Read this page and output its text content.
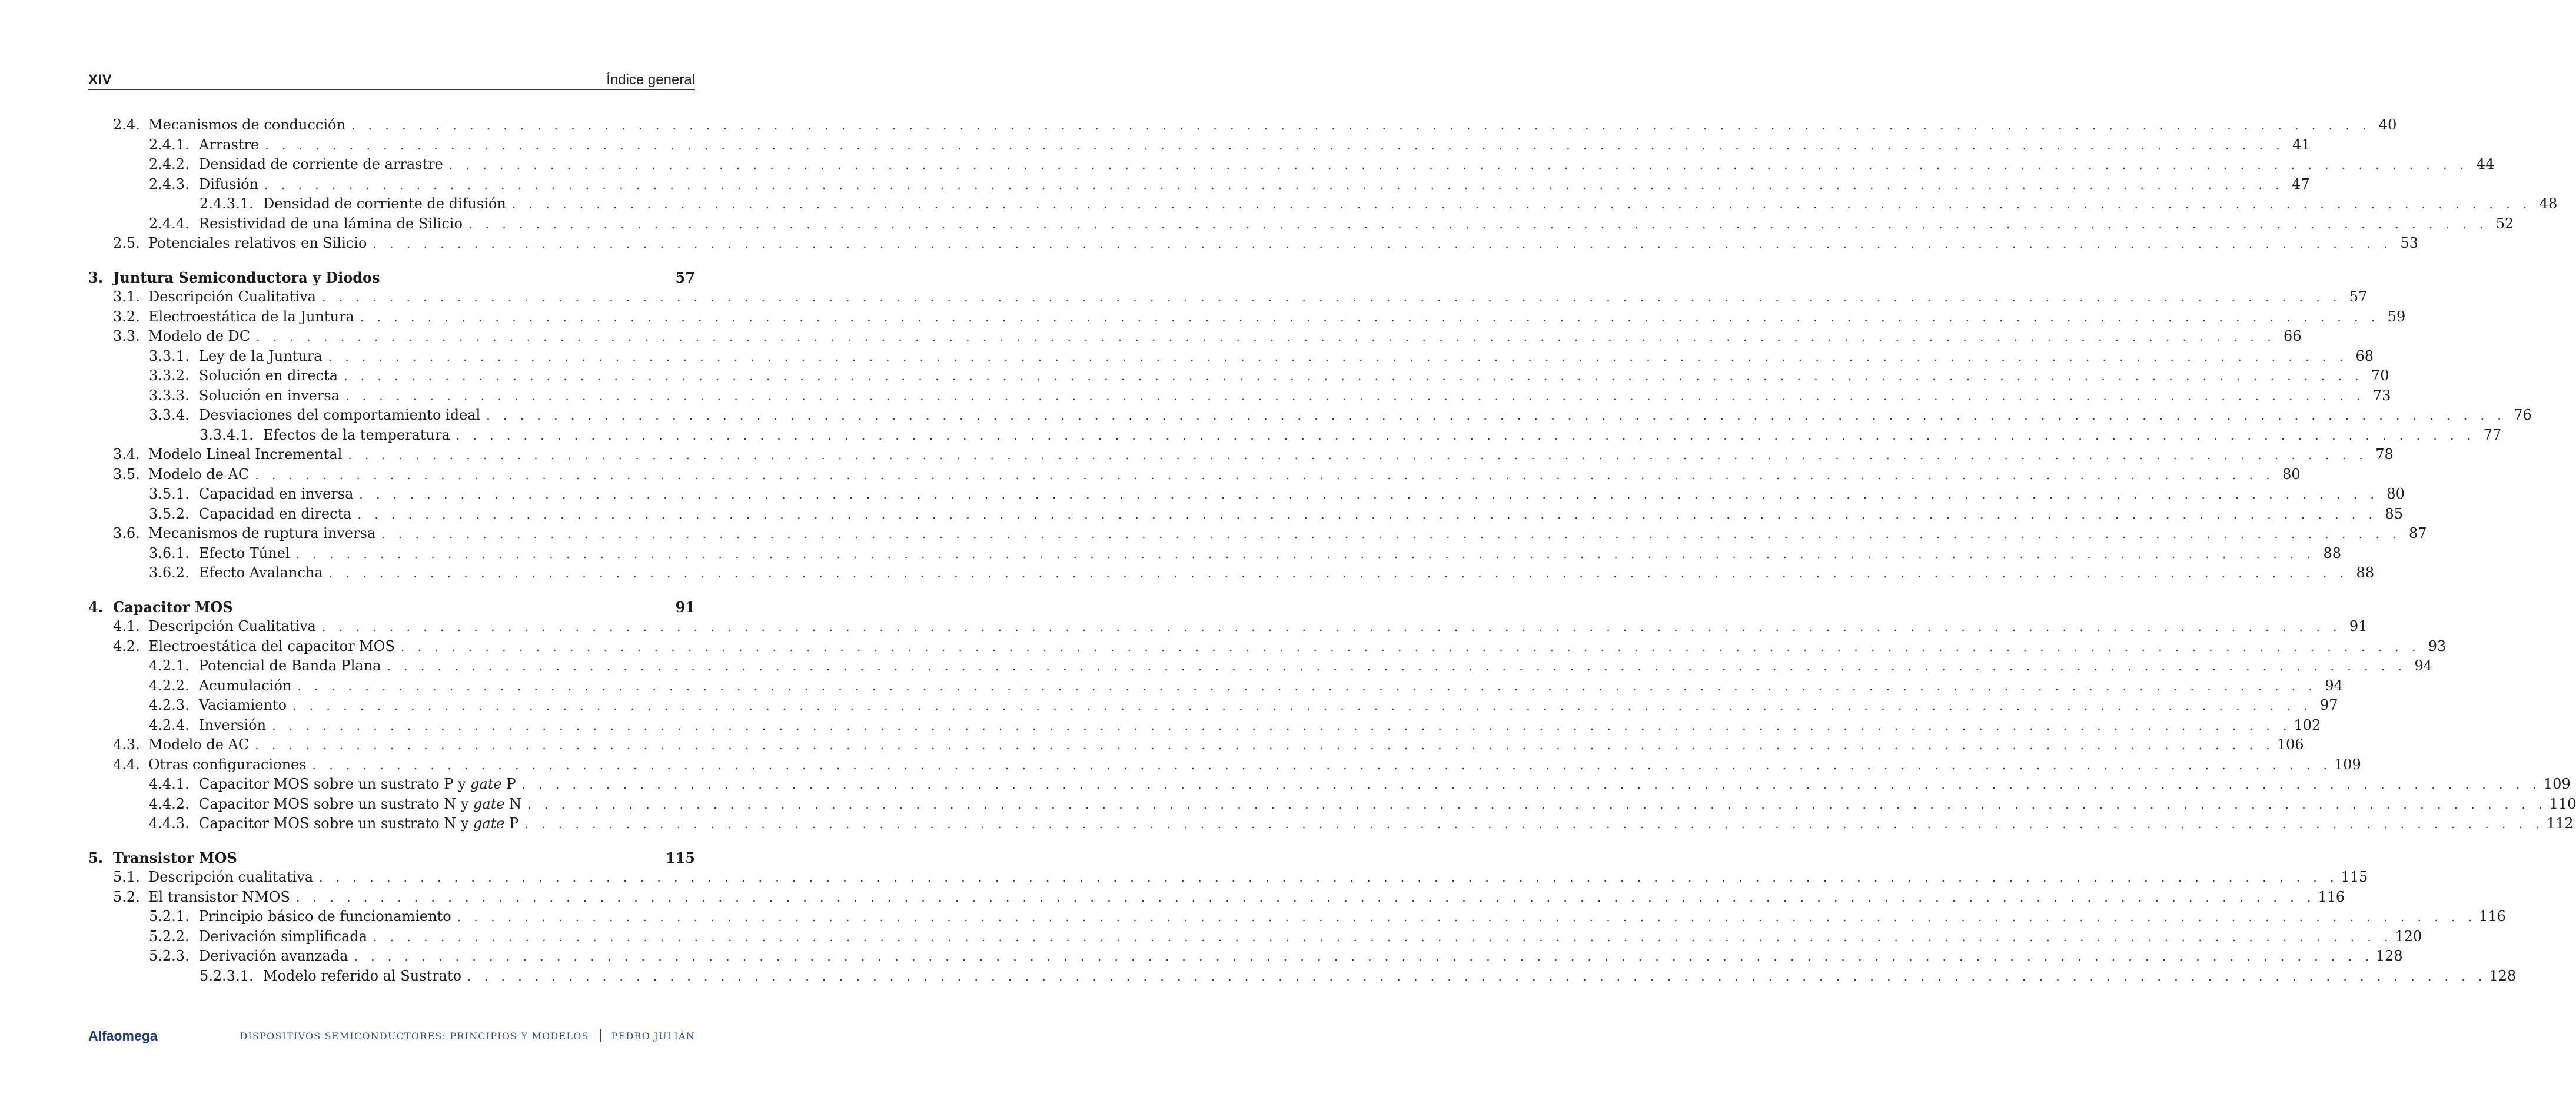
XIV	Índice general
2.4. Mecanismos de conducción . . . . . . . . . . . . . . . . . . . . . . . . . . . . . . . . . . . . . . . . . . . . . . . . . . . . . . . . . . . . . . . . . . . . . . . . . . . . . . . . . . . . . . . . . . . . . . . . . . . . . . . . . . . . . . . . . . . . . . . . 40
2.4.1. Arrastre . . . . . . . . . . . . . . . . . . . . . . . . . . . . . . . . . . . . . . . . . . . . . . . . . . . . . . . . . . . . . . . . . . . . . . . . . . . . . . . . . . . . . . . . . . . . . . . . . . . . . . . . . . . . . . . . . . . . . . . . 41
2.4.2. Densidad de corriente de arrastre . . . . . . . . . . . . . . . . . . . . . . . . . . . . . . . . . . . . . . . . . . . . . . . . . . . . . . . . . . . . . . . . . . . . . . . . . . . . . . . . . . . . . . . . . . . . . . . . . . . . . . . . . . . . . . . . . . . . . . . . 44
2.4.3. Difusión . . . . . . . . . . . . . . . . . . . . . . . . . . . . . . . . . . . . . . . . . . . . . . . . . . . . . . . . . . . . . . . . . . . . . . . . . . . . . . . . . . . . . . . . . . . . . . . . . . . . . . . . . . . . . . . . . . . . . . . . 47
2.4.3.1. Densidad de corriente de difusión . . . . . . . . . . . . . . . . . . . . . . . . . . . . . . . . . . . . . . . . . . . . . . . . . . . . . . . . . . . . . . . . . . . . . . . . . . . . . . . . . . . . . . . . . . . . . . . . . . . . . . . . . . . . . . . . . . . . . . . . 48
2.4.4. Resistividad de una lámina de Silicio . . . . . . . . . . . . . . . . . . . . . . . . . . . . . . . . . . . . . . . . . . . . . . . . . . . . . . . . . . . . . . . . . . . . . . . . . . . . . . . . . . . . . . . . . . . . . . . . . . . . . . . . . . . . . . . . . . . . . . . . 52
2.5. Potenciales relativos en Silicio . . . . . . . . . . . . . . . . . . . . . . . . . . . . . . . . . . . . . . . . . . . . . . . . . . . . . . . . . . . . . . . . . . . . . . . . . . . . . . . . . . . . . . . . . . . . . . . . . . . . . . . . . . . . . . . . . . . . . . . . 53
3. Juntura Semiconductora y Diodos	57
3.1. Descripción Cualitativa . . . . . . . . . . . . . . . . . . . . . . . . . . . . . . . . . . . . . . . . . . . . . . . . . . . . . . . . . . . . . . . . . . . . . . . . . . . . . . . . . . . . . . . . . . . . . . . . . . . . . . . . . . . . . . . . . . . . . . . . 57
3.2. Electroestática de la Juntura . . . . . . . . . . . . . . . . . . . . . . . . . . . . . . . . . . . . . . . . . . . . . . . . . . . . . . . . . . . . . . . . . . . . . . . . . . . . . . . . . . . . . . . . . . . . . . . . . . . . . . . . . . . . . . . . . . . . . . . . 59
3.3. Modelo de DC . . . . . . . . . . . . . . . . . . . . . . . . . . . . . . . . . . . . . . . . . . . . . . . . . . . . . . . . . . . . . . . . . . . . . . . . . . . . . . . . . . . . . . . . . . . . . . . . . . . . . . . . . . . . . . . . . . . . . . . . 66
3.3.1. Ley de la Juntura . . . . . . . . . . . . . . . . . . . . . . . . . . . . . . . . . . . . . . . . . . . . . . . . . . . . . . . . . . . . . . . . . . . . . . . . . . . . . . . . . . . . . . . . . . . . . . . . . . . . . . . . . . . . . . . . . . . . . . . . 68
3.3.2. Solución en directa . . . . . . . . . . . . . . . . . . . . . . . . . . . . . . . . . . . . . . . . . . . . . . . . . . . . . . . . . . . . . . . . . . . . . . . . . . . . . . . . . . . . . . . . . . . . . . . . . . . . . . . . . . . . . . . . . . . . . . . . 70
3.3.3. Solución en inversa . . . . . . . . . . . . . . . . . . . . . . . . . . . . . . . . . . . . . . . . . . . . . . . . . . . . . . . . . . . . . . . . . . . . . . . . . . . . . . . . . . . . . . . . . . . . . . . . . . . . . . . . . . . . . . . . . . . . . . . . 73
3.3.4. Desviaciones del comportamiento ideal . . . . . . . . . . . . . . . . . . . . . . . . . . . . . . . . . . . . . . . . . . . . . . . . . . . . . . . . . . . . . . . . . . . . . . . . . . . . . . . . . . . . . . . . . . . . . . . . . . . . . . . . . . . . . . . . . . . . . . . . 76
3.3.4.1. Efectos de la temperatura . . . . . . . . . . . . . . . . . . . . . . . . . . . . . . . . . . . . . . . . . . . . . . . . . . . . . . . . . . . . . . . . . . . . . . . . . . . . . . . . . . . . . . . . . . . . . . . . . . . . . . . . . . . . . . . . . . . . . . . . 77
3.4. Modelo Lineal Incremental . . . . . . . . . . . . . . . . . . . . . . . . . . . . . . . . . . . . . . . . . . . . . . . . . . . . . . . . . . . . . . . . . . . . . . . . . . . . . . . . . . . . . . . . . . . . . . . . . . . . . . . . . . . . . . . . . . . . . . . . 78
3.5. Modelo de AC . . . . . . . . . . . . . . . . . . . . . . . . . . . . . . . . . . . . . . . . . . . . . . . . . . . . . . . . . . . . . . . . . . . . . . . . . . . . . . . . . . . . . . . . . . . . . . . . . . . . . . . . . . . . . . . . . . . . . . . . 80
3.5.1. Capacidad en inversa . . . . . . . . . . . . . . . . . . . . . . . . . . . . . . . . . . . . . . . . . . . . . . . . . . . . . . . . . . . . . . . . . . . . . . . . . . . . . . . . . . . . . . . . . . . . . . . . . . . . . . . . . . . . . . . . . . . . . . . . 80
3.5.2. Capacidad en directa . . . . . . . . . . . . . . . . . . . . . . . . . . . . . . . . . . . . . . . . . . . . . . . . . . . . . . . . . . . . . . . . . . . . . . . . . . . . . . . . . . . . . . . . . . . . . . . . . . . . . . . . . . . . . . . . . . . . . . . . 85
3.6. Mecanismos de ruptura inversa . . . . . . . . . . . . . . . . . . . . . . . . . . . . . . . . . . . . . . . . . . . . . . . . . . . . . . . . . . . . . . . . . . . . . . . . . . . . . . . . . . . . . . . . . . . . . . . . . . . . . . . . . . . . . . . . . . . . . . . . 87
3.6.1. Efecto Túnel . . . . . . . . . . . . . . . . . . . . . . . . . . . . . . . . . . . . . . . . . . . . . . . . . . . . . . . . . . . . . . . . . . . . . . . . . . . . . . . . . . . . . . . . . . . . . . . . . . . . . . . . . . . . . . . . . . . . . . . . 88
3.6.2. Efecto Avalancha . . . . . . . . . . . . . . . . . . . . . . . . . . . . . . . . . . . . . . . . . . . . . . . . . . . . . . . . . . . . . . . . . . . . . . . . . . . . . . . . . . . . . . . . . . . . . . . . . . . . . . . . . . . . . . . . . . . . . . . . 88
4. Capacitor MOS	91
4.1. Descripción Cualitativa . . . . . . . . . . . . . . . . . . . . . . . . . . . . . . . . . . . . . . . . . . . . . . . . . . . . . . . . . . . . . . . . . . . . . . . . . . . . . . . . . . . . . . . . . . . . . . . . . . . . . . . . . . . . . . . . . . . . . . . . 91
4.2. Electroestática del capacitor MOS . . . . . . . . . . . . . . . . . . . . . . . . . . . . . . . . . . . . . . . . . . . . . . . . . . . . . . . . . . . . . . . . . . . . . . . . . . . . . . . . . . . . . . . . . . . . . . . . . . . . . . . . . . . . . . . . . . . . . . . . 93
4.2.1. Potencial de Banda Plana . . . . . . . . . . . . . . . . . . . . . . . . . . . . . . . . . . . . . . . . . . . . . . . . . . . . . . . . . . . . . . . . . . . . . . . . . . . . . . . . . . . . . . . . . . . . . . . . . . . . . . . . . . . . . . . . . . . . . . . . 94
4.2.2. Acumulación . . . . . . . . . . . . . . . . . . . . . . . . . . . . . . . . . . . . . . . . . . . . . . . . . . . . . . . . . . . . . . . . . . . . . . . . . . . . . . . . . . . . . . . . . . . . . . . . . . . . . . . . . . . . . . . . . . . . . . . . 94
4.2.3. Vaciamiento . . . . . . . . . . . . . . . . . . . . . . . . . . . . . . . . . . . . . . . . . . . . . . . . . . . . . . . . . . . . . . . . . . . . . . . . . . . . . . . . . . . . . . . . . . . . . . . . . . . . . . . . . . . . . . . . . . . . . . . . 97
4.2.4. Inversión . . . . . . . . . . . . . . . . . . . . . . . . . . . . . . . . . . . . . . . . . . . . . . . . . . . . . . . . . . . . . . . . . . . . . . . . . . . . . . . . . . . . . . . . . . . . . . . . . . . . . . . . . . . . . . . . . . . . . . . . 102
4.3. Modelo de AC . . . . . . . . . . . . . . . . . . . . . . . . . . . . . . . . . . . . . . . . . . . . . . . . . . . . . . . . . . . . . . . . . . . . . . . . . . . . . . . . . . . . . . . . . . . . . . . . . . . . . . . . . . . . . . . . . . . . . . . . 106
4.4. Otras configuraciones . . . . . . . . . . . . . . . . . . . . . . . . . . . . . . . . . . . . . . . . . . . . . . . . . . . . . . . . . . . . . . . . . . . . . . . . . . . . . . . . . . . . . . . . . . . . . . . . . . . . . . . . . . . . . . . . . . . . . . . . 109
4.4.1. Capacitor MOS sobre un sustrato P y gate P . . . . . . . . . . . . . . . . . . . . . . . . . . . . . . . . . . . . . . . . . . . . . . . . . . . . . . . . . . . . . . . . . . . . . . . . . . . . . . . . . . . . . . . . . . . . . . . . . . . . . . . . . . . . . . . . . . . . . . . . 109
4.4.2. Capacitor MOS sobre un sustrato N y gate N . . . . . . . . . . . . . . . . . . . . . . . . . . . . . . . . . . . . . . . . . . . . . . . . . . . . . . . . . . . . . . . . . . . . . . . . . . . . . . . . . . . . . . . . . . . . . . . . . . . . . . . . . . . . . . . . . . . . . . . . 110
4.4.3. Capacitor MOS sobre un sustrato N y gate P . . . . . . . . . . . . . . . . . . . . . . . . . . . . . . . . . . . . . . . . . . . . . . . . . . . . . . . . . . . . . . . . . . . . . . . . . . . . . . . . . . . . . . . . . . . . . . . . . . . . . . . . . . . . . . . . . . . . . . . . 112
5. Transistor MOS	115
5.1. Descripción cualitativa . . . . . . . . . . . . . . . . . . . . . . . . . . . . . . . . . . . . . . . . . . . . . . . . . . . . . . . . . . . . . . . . . . . . . . . . . . . . . . . . . . . . . . . . . . . . . . . . . . . . . . . . . . . . . . . . . . . . . . . . 115
5.2. El transistor NMOS . . . . . . . . . . . . . . . . . . . . . . . . . . . . . . . . . . . . . . . . . . . . . . . . . . . . . . . . . . . . . . . . . . . . . . . . . . . . . . . . . . . . . . . . . . . . . . . . . . . . . . . . . . . . . . . . . . . . . . . . 116
5.2.1. Principio básico de funcionamiento . . . . . . . . . . . . . . . . . . . . . . . . . . . . . . . . . . . . . . . . . . . . . . . . . . . . . . . . . . . . . . . . . . . . . . . . . . . . . . . . . . . . . . . . . . . . . . . . . . . . . . . . . . . . . . . . . . . . . . . . 116
5.2.2. Derivación simplificada . . . . . . . . . . . . . . . . . . . . . . . . . . . . . . . . . . . . . . . . . . . . . . . . . . . . . . . . . . . . . . . . . . . . . . . . . . . . . . . . . . . . . . . . . . . . . . . . . . . . . . . . . . . . . . . . . . . . . . . . 120
5.2.3. Derivación avanzada . . . . . . . . . . . . . . . . . . . . . . . . . . . . . . . . . . . . . . . . . . . . . . . . . . . . . . . . . . . . . . . . . . . . . . . . . . . . . . . . . . . . . . . . . . . . . . . . . . . . . . . . . . . . . . . . . . . . . . . . 128
5.2.3.1. Modelo referido al Sustrato . . . . . . . . . . . . . . . . . . . . . . . . . . . . . . . . . . . . . . . . . . . . . . . . . . . . . . . . . . . . . . . . . . . . . . . . . . . . . . . . . . . . . . . . . . . . . . . . . . . . . . . . . . . . . . . . . . . . . . . . 128
Alfaomega	DISPOSITIVOS SEMICONDUCTORES: PRINCIPIOS Y MODELOS PEDRO JULIÁN
